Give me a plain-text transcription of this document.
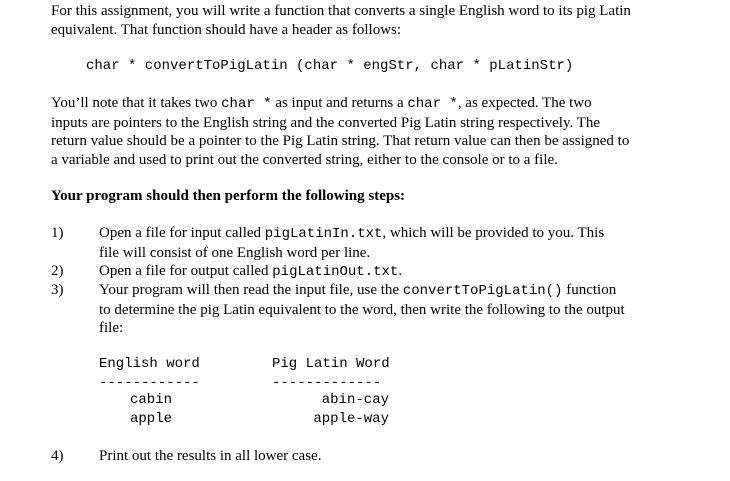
For this assignment, you will write a function that converts a single English word to its pig Latin
equivalent. That function should have a header as follows:
char * convertToPigLatin (char * engStr, char * pLatinStr)
You’ll note that it takes two char * as input and returns a char *, as expected. The two
inputs are pointers to the English string and the converted Pig Latin string respectively. The
return value should be a pointer to the Pig Latin string. That return value can then be assigned to
a variable and used to print out the converted string, either to the console or to a file.
Your program should then perform the following steps:
1) Open a file for input called pigLatinIn.txt, which will be provided to you. This
file will consist of one English word per line.
2) Open a file for output called pigLatinOut.txt.
3) Your program will then read the input file, use the convertToPigLatin() function
to determine the pig Latin equivalent to the word, then write the following to the output
file:
English word	Pig Latin Word
------------	-------------
cabin	abin-cay
apple	apple-way
4) Print out the results in all lower case.
